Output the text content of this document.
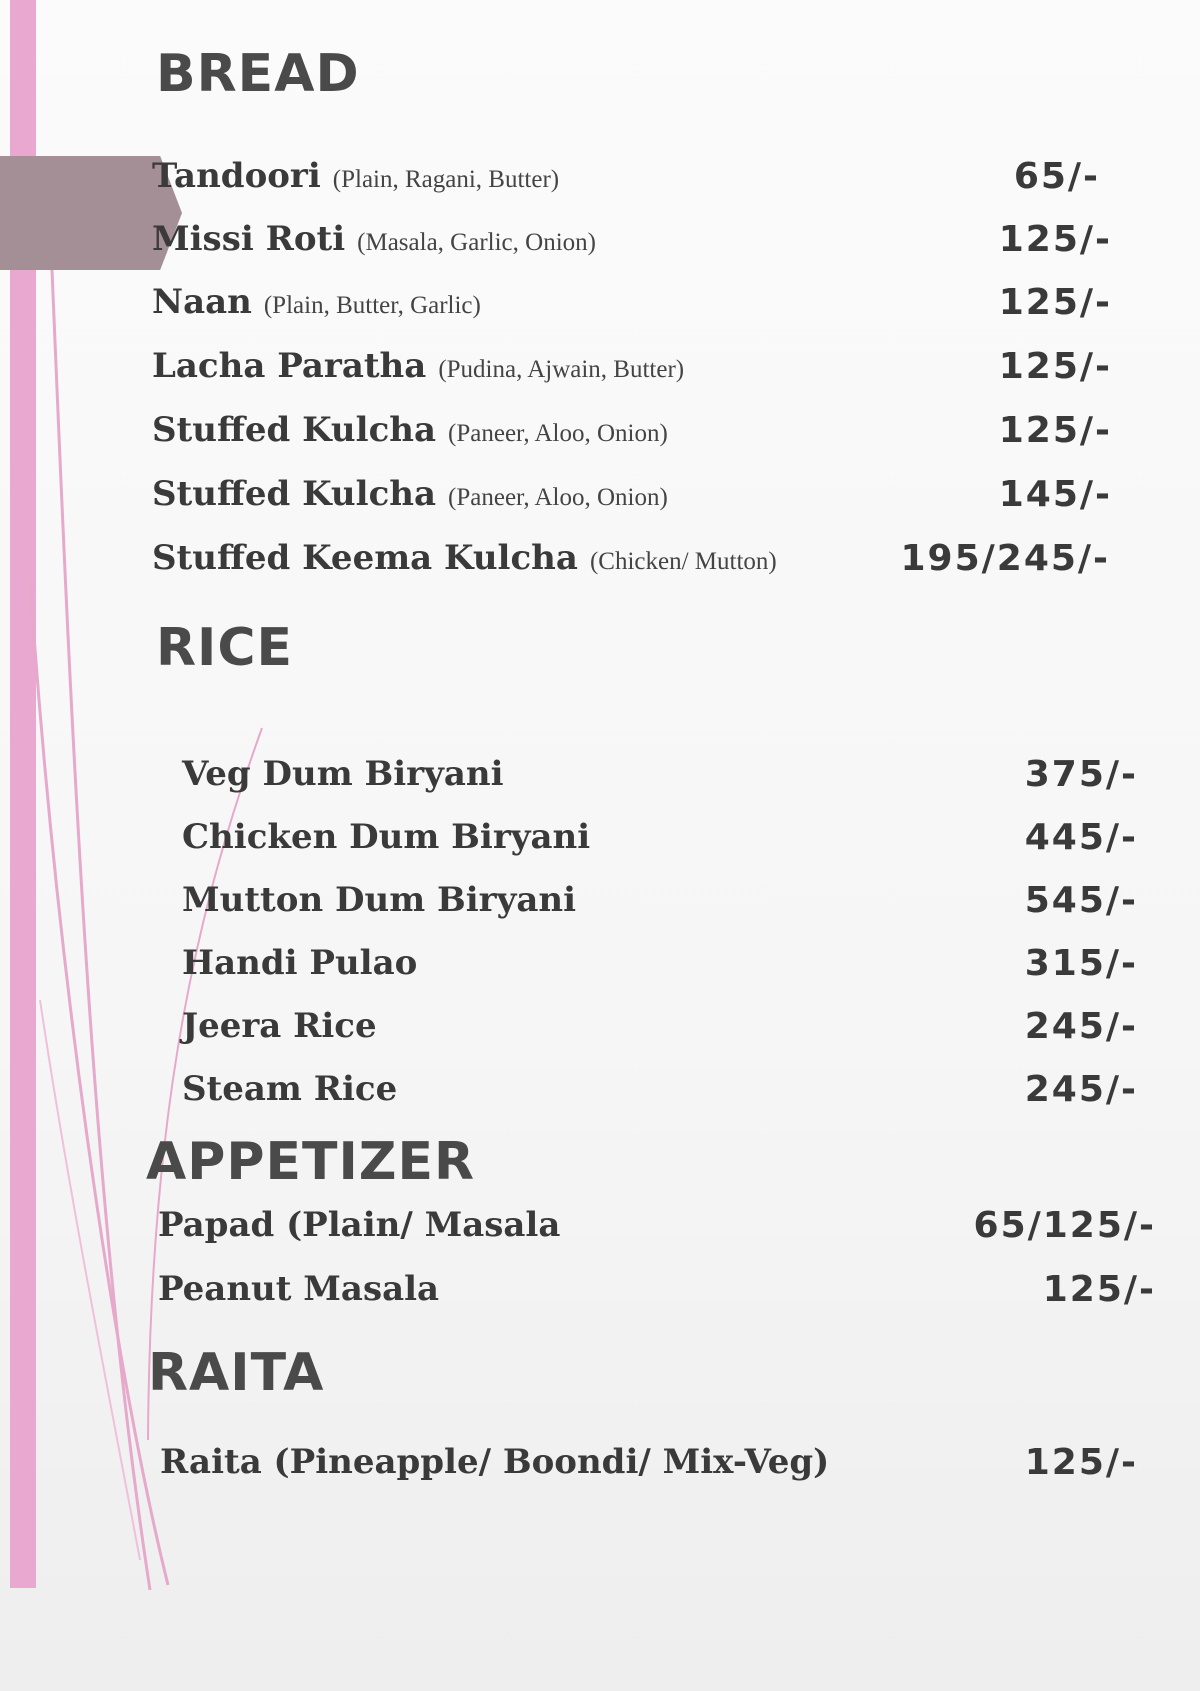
BREAD
Tandoori (Plain, Ragani, Butter)	65/-
Missi Roti (Masala, Garlic, Onion)	125/-
Naan (Plain, Butter, Garlic)	125/-
Lacha Paratha (Pudina, Ajwain, Butter)	125/-
Stuffed Kulcha (Paneer, Aloo, Onion)	125/-
Stuffed Kulcha (Paneer, Aloo, Onion)	145/-
Stuffed Keema Kulcha (Chicken/ Mutton)	195/245/-
RICE
Veg Dum Biryani	375/-
Chicken Dum Biryani	445/-
Mutton Dum Biryani	545/-
Handi Pulao	315/-
Jeera Rice	245/-
Steam Rice	245/-
APPETIZER
Papad (Plain/ Masala	65/125/-
Peanut Masala	125/-
RAITA
Raita (Pineapple/ Boondi/ Mix-Veg)	125/-
